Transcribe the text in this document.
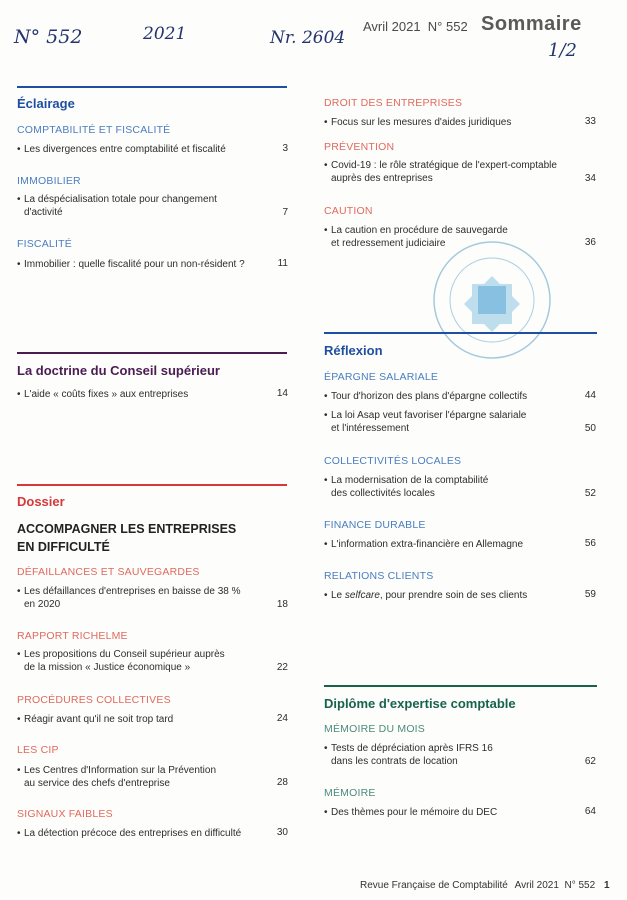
N° 552	2021	Nr. 2604
1/2
Avril 2021  N° 552 Sommaire
Éclairage
COMPTABILITÉ ET FISCALITÉ
• Les divergences entre comptabilité et fiscalité	3
IMMOBILIER
• La déspécialisation totale pour changement
d'activité	7
FISCALITÉ
• Immobilier : quelle fiscalité pour un non-résident ?	11
La doctrine du Conseil supérieur
• L'aide « coûts fixes » aux entreprises	14
Dossier
ACCOMPAGNER LES ENTREPRISES
EN DIFFICULTÉ
DÉFAILLANCES ET SAUVEGARDES
• Les défaillances d'entreprises en baisse de 38 %
en 2020	18
RAPPORT RICHELME
• Les propositions du Conseil supérieur auprès
de la mission « Justice économique »	22
PROCÉDURES COLLECTIVES
• Réagir avant qu'il ne soit trop tard	24
LES CIP
• Les Centres d'Information sur la Prévention
au service des chefs d'entreprise	28
SIGNAUX FAIBLES
• La détection précoce des entreprises en difficulté	30
DROIT DES ENTREPRISES
• Focus sur les mesures d'aides juridiques	33
PRÉVENTION
• Covid-19 : le rôle stratégique de l'expert-comptable
auprès des entreprises	34
CAUTION
• La caution en procédure de sauvegarde
et redressement judiciaire	36
Réflexion
ÉPARGNE SALARIALE
• Tour d'horizon des plans d'épargne collectifs	44
• La loi Asap veut favoriser l'épargne salariale
et l'intéressement	50
COLLECTIVITÉS LOCALES
• La modernisation de la comptabilité
des collectivités locales	52
FINANCE DURABLE
• L'information extra-financière en Allemagne	56
RELATIONS CLIENTS
• Le selfcare, pour prendre soin de ses clients	59
Diplôme d'expertise comptable
MÉMOIRE DU MOIS
• Tests de dépréciation après IFRS 16
dans les contrats de location	62
MÉMOIRE
• Des thèmes pour le mémoire du DEC	64
Revue Française de Comptabilité Avril 2021  N° 552 1
